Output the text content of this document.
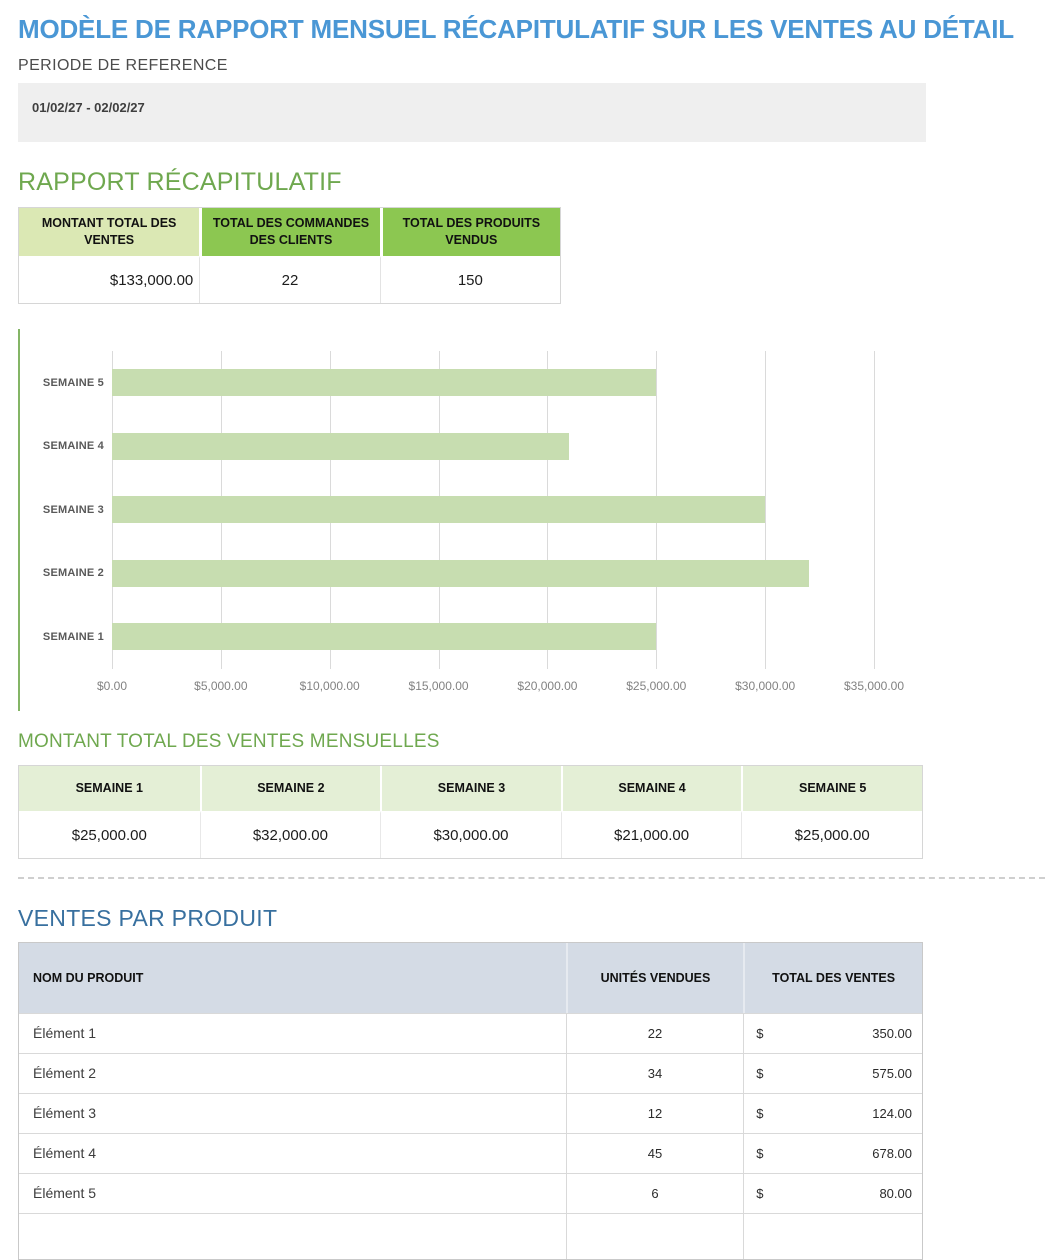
MODÈLE DE RAPPORT MENSUEL RÉCAPITULATIF SUR LES VENTES AU DÉTAIL
PERIODE DE REFERENCE
01/02/27 - 02/02/27
RAPPORT RÉCAPITULATIF
MONTANT TOTAL DES VENTES	TOTAL DES COMMANDES DES CLIENTS	TOTAL DES PRODUITS VENDUS
$133,000.00	22	150
SEMAINE 5
SEMAINE 4
SEMAINE 3
SEMAINE 2
SEMAINE 1
$0.00	$5,000.00	$10,000.00	$15,000.00	$20,000.00	$25,000.00	$30,000.00	$35,000.00
MONTANT TOTAL DES VENTES MENSUELLES
SEMAINE 1	SEMAINE 2	SEMAINE 3	SEMAINE 4	SEMAINE 5
$25,000.00	$32,000.00	$30,000.00	$21,000.00	$25,000.00
VENTES PAR PRODUIT
NOM DU PRODUIT	UNITÉS VENDUES	TOTAL DES VENTES
Élément 1	22	$ 350.00

Élément 2	34	$ 575.00

Élément 3	12	$ 124.00

Élément 4	45	$ 678.00

Élément 5	6	$ 80.00
